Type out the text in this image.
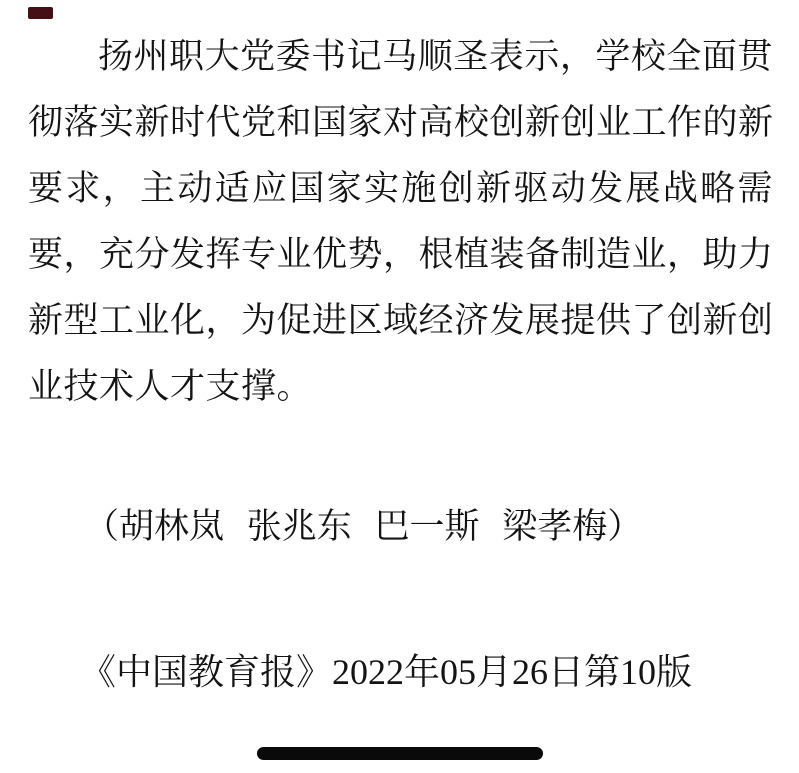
扬州职大党委书记马顺圣表示，学校全面贯
彻落实新时代党和国家对高校创新创业工作的新
要求，主动适应国家实施创新驱动发展战略需
要，充分发挥专业优势，根植装备制造业，助力
新型工业化，为促进区域经济发展提供了创新创
业技术人才支撑。
（胡林岚 张兆东 巴一斯 梁孝梅）
《中国教育报》2022年05月26日第10版
